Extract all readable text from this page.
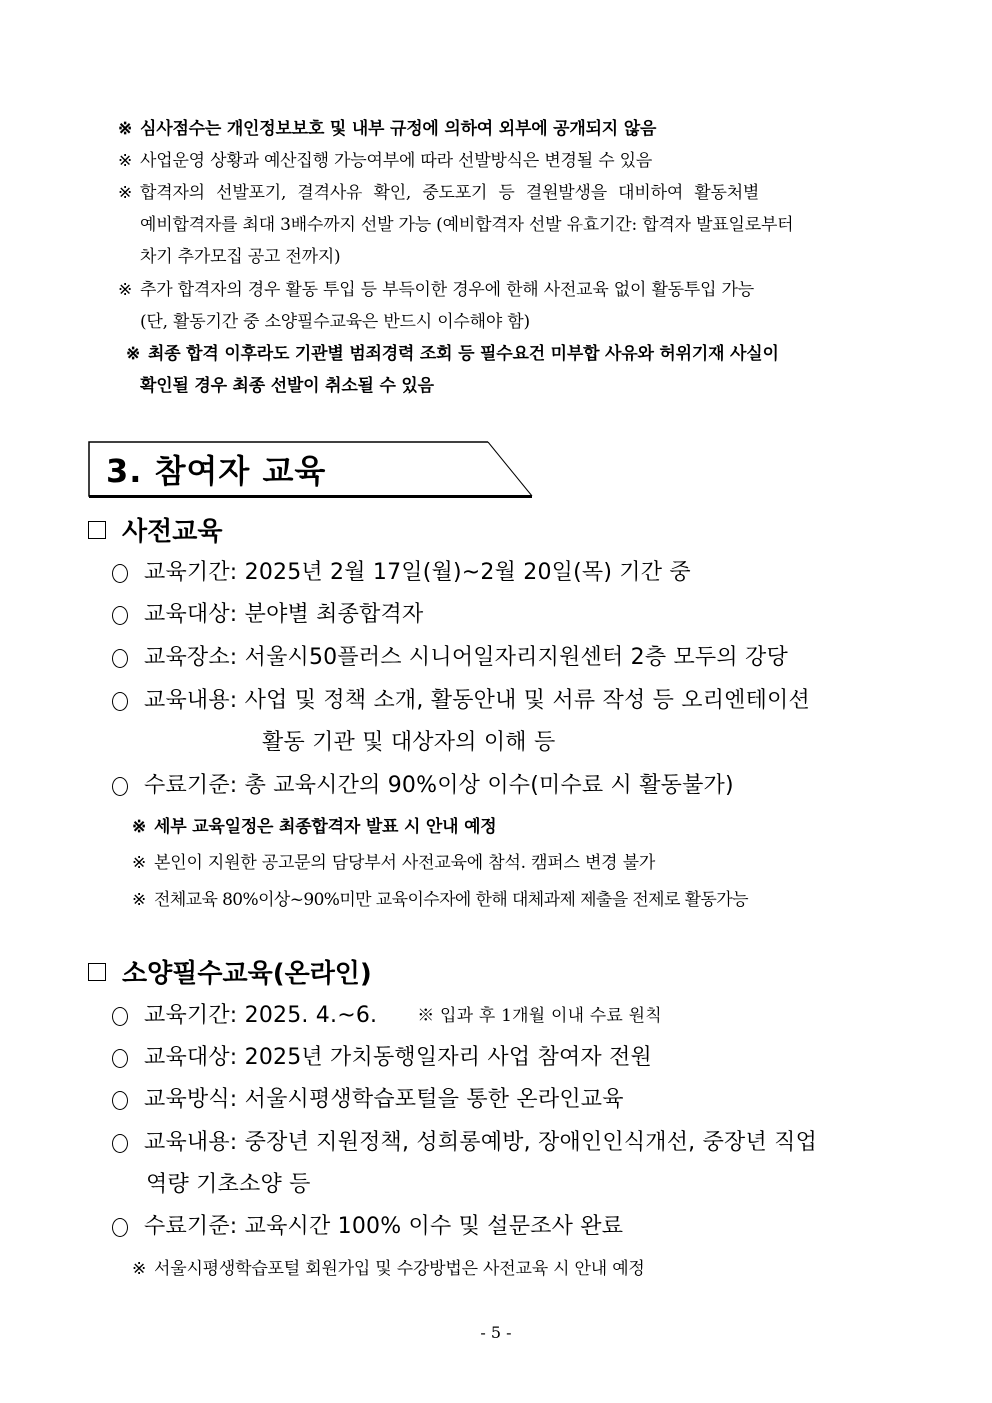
※ 심사점수는 개인정보보호 및 내부 규정에 의하여 외부에 공개되지 않음
※ 사업운영 상황과 예산집행 가능여부에 따라 선발방식은 변경될 수 있음
※ 합격자의 선발포기, 결격사유 확인, 중도포기 등 결원발생을 대비하여 활동처별
예비합격자를 최대 3배수까지 선발 가능 (예비합격자 선발 유효기간: 합격자 발표일로부터
차기 추가모집 공고 전까지)
※ 추가 합격자의 경우 활동 투입 등 부득이한 경우에 한해 사전교육 없이 활동투입 가능
(단, 활동기간 중 소양필수교육은 반드시 이수해야 함)
※ 최종 합격 이후라도 기관별 범죄경력 조회 등 필수요건 미부합 사유와 허위기재 사실이
확인될 경우 최종 선발이 취소될 수 있음
3. 참여자 교육
사전교육
교육기간:
2025년 2월 17일(월)~2월 20일(목) 기간 중
교육대상:
분야별 최종합격자
교육장소:
서울시50플러스 시니어일자리지원센터 2층 모두의 강당
교육내용:
사업 및 정책 소개, 활동안내 및 서류 작성 등 오리엔테이션
활동 기관 및 대상자의 이해 등
수료기준:
총 교육시간의 90%이상 이수(미수료 시 활동불가)
※ 세부 교육일정은 최종합격자 발표 시 안내 예정
※ 본인이 지원한 공고문의 담당부서 사전교육에 참석. 캠퍼스 변경 불가
※ 전체교육 80%이상~90%미만 교육이수자에 한해 대체과제 제출을 전제로 활동가능
소양필수교육(온라인)
교육기간:
2025. 4.~6. ※ 입과 후 1개월 이내 수료 원칙
교육대상:
2025년 가치동행일자리 사업 참여자 전원
교육방식:
서울시평생학습포털을 통한 온라인교육
교육내용:
중장년 지원정책, 성희롱예방, 장애인인식개선, 중장년 직업
역량 기초소양 등
수료기준:
교육시간 100% 이수 및 설문조사 완료
※ 서울시평생학습포털 회원가입 및 수강방법은 사전교육 시 안내 예정
- 5 -
